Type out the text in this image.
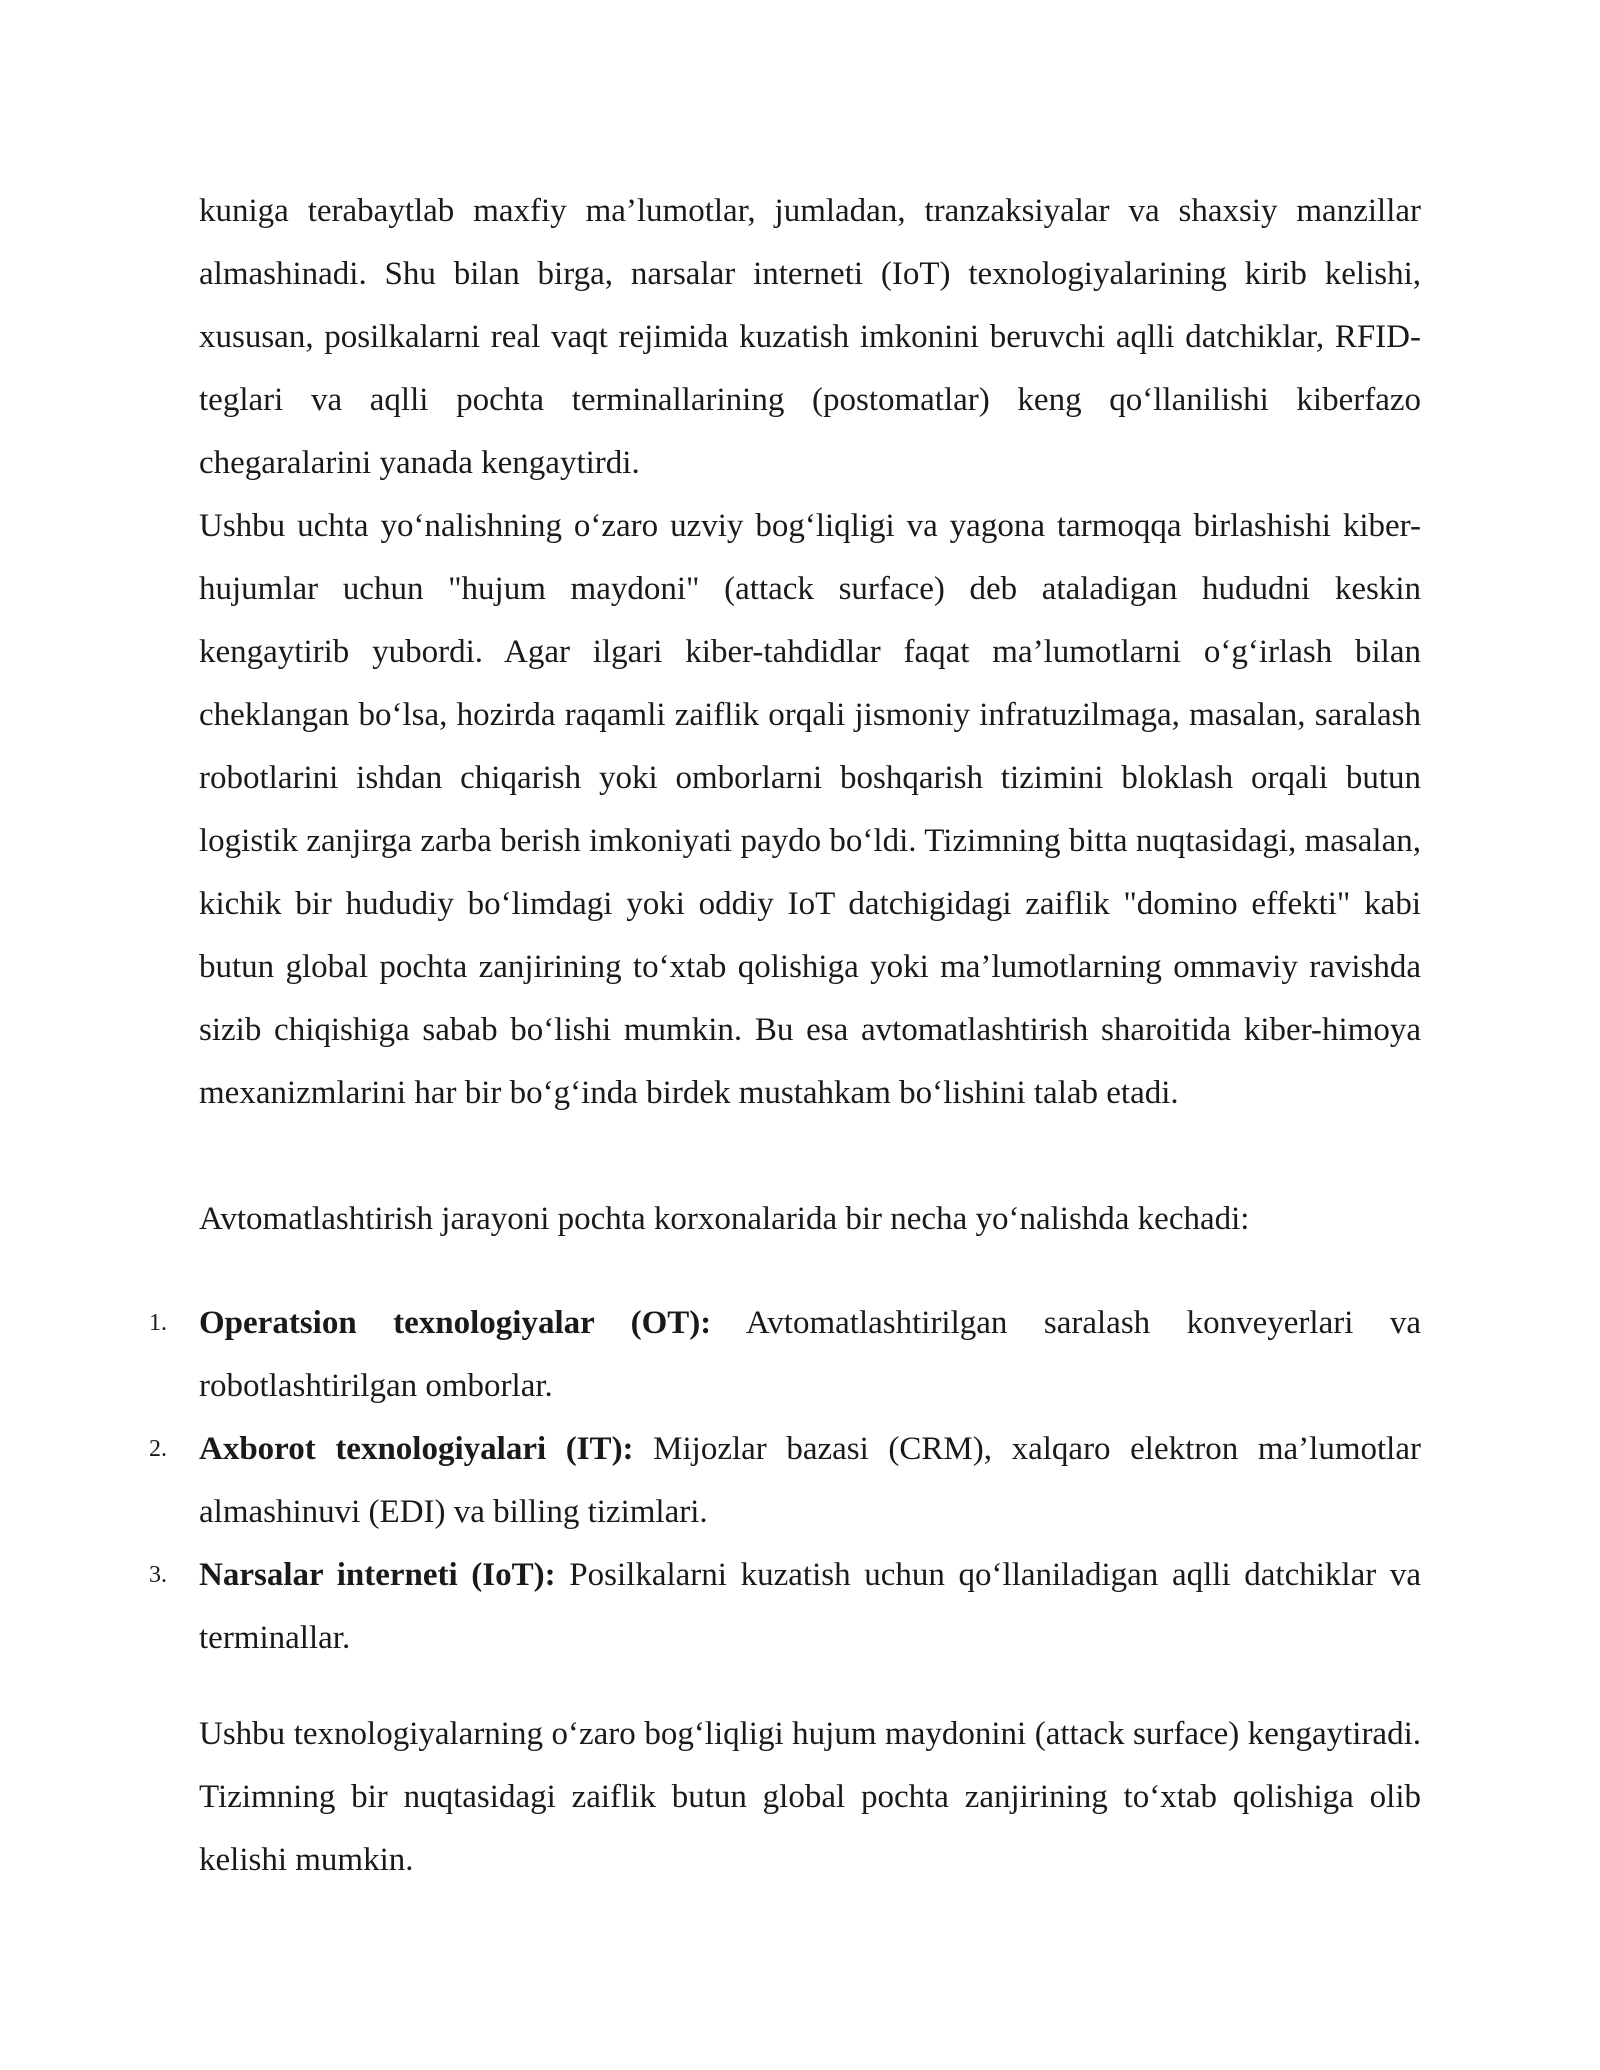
kuniga terabaytlab maxfiy ma’lumotlar, jumladan, tranzaksiyalar va shaxsiy manzillar almashinadi. Shu bilan birga, narsalar interneti (IoT) texnologiyalarining kirib kelishi, xususan, posilkalarni real vaqt rejimida kuzatish imkonini beruvchi aqlli datchiklar, RFID-teglari va aqlli pochta terminallarining (postomatlar) keng qo‘llanilishi kiberfazo chegaralarini yanada kengaytirdi.

Ushbu uchta yo‘nalishning o‘zaro uzviy bog‘liqligi va yagona tarmoqqa birlashishi kiber-hujumlar uchun "hujum maydoni" (attack surface) deb ataladigan hududni keskin kengaytirib yubordi. Agar ilgari kiber-tahdidlar faqat ma’lumotlarni o‘g‘irlash bilan cheklangan bo‘lsa, hozirda raqamli zaiflik orqali jismoniy infratuzilmaga, masalan, saralash robotlarini ishdan chiqarish yoki omborlarni boshqarish tizimini bloklash orqali butun logistik zanjirga zarba berish imkoniyati paydo bo‘ldi. Tizimning bitta nuqtasidagi, masalan, kichik bir hududiy bo‘limdagi yoki oddiy IoT datchigidagi zaiflik "domino effekti" kabi butun global pochta zanjirining to‘xtab qolishiga yoki ma’lumotlarning ommaviy ravishda sizib chiqishiga sabab bo‘lishi mumkin. Bu esa avtomatlashtirish sharoitida kiber-himoya mexanizmlarini har bir bo‘g‘inda birdek mustahkam bo‘lishini talab etadi.

Avtomatlashtirish jarayoni pochta korxonalarida bir necha yo‘nalishda kechadi:

1. Operatsion texnologiyalar (OT): Avtomatlashtirilgan saralash konveyerlari va robotlashtirilgan omborlar.
2. Axborot texnologiyalari (IT): Mijozlar bazasi (CRM), xalqaro elektron ma’lumotlar almashinuvi (EDI) va billing tizimlari.
3. Narsalar interneti (IoT): Posilkalarni kuzatish uchun qo‘llaniladigan aqlli datchiklar va terminallar.

Ushbu texnologiyalarning o‘zaro bog‘liqligi hujum maydonini (attack surface) kengaytiradi. Tizimning bir nuqtasidagi zaiflik butun global pochta zanjirining to‘xtab qolishiga olib kelishi mumkin.
